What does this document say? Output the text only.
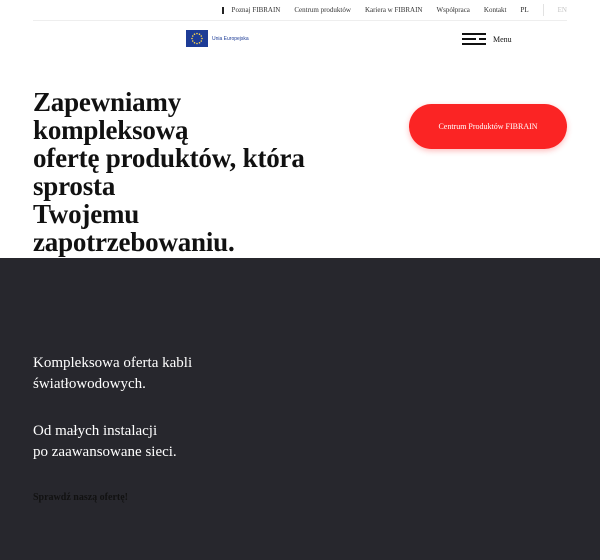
Poznaj FIBRAIN Centrum produktów Kariera w FIBRAIN Współpraca Kontakt PL	EN
Unia Europejska	Menu
Zapewniamy kompleksową
ofertę produktów, która
sprosta
Twojemu zapotrzebowaniu.
Centrum Produktów FIBRAIN

Kompleksowa oferta kabli
światłowodowych.

Od małych instalacji
po zaawansowane sieci.

Sprawdź naszą ofertę!
